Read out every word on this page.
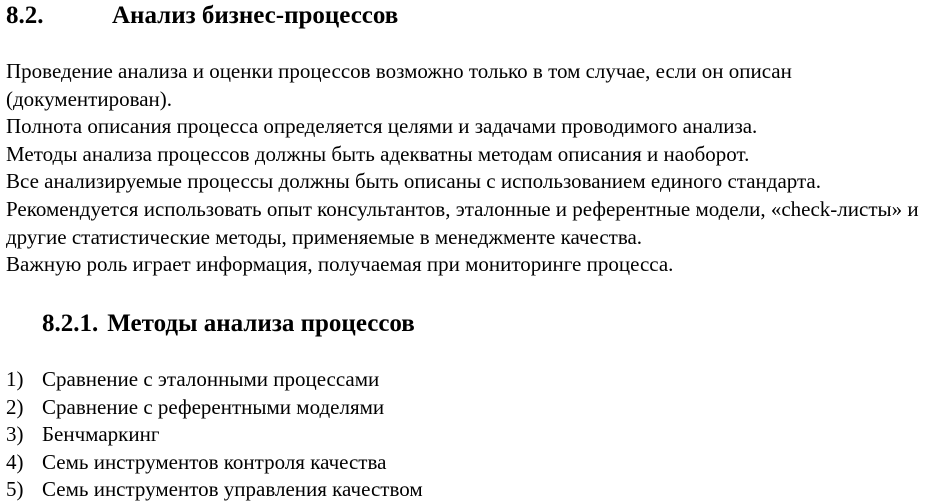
8.2.	Анализ бизнес-процессов

Проведение анализа и оценки процессов возможно только в том случае, если он описан (документирован).

Полнота описания процесса определяется целями и задачами проводимого анализа.

Методы анализа процессов должны быть адекватны методам описания и наоборот.

Все анализируемые процессы должны быть описаны с использованием единого стандарта.

Рекомендуется использовать опыт консультантов, эталонные и референтные модели, «check-листы» и другие статистические методы, применяемые в менеджменте качества.

Важную роль играет информация, получаемая при мониторинге процесса.

8.2.1. Методы анализа процессов
1) Сравнение с эталонными процессами
2) Сравнение с референтными моделями
3) Бенчмаркинг
4) Семь инструментов контроля качества
5) Семь инструментов управления качеством
